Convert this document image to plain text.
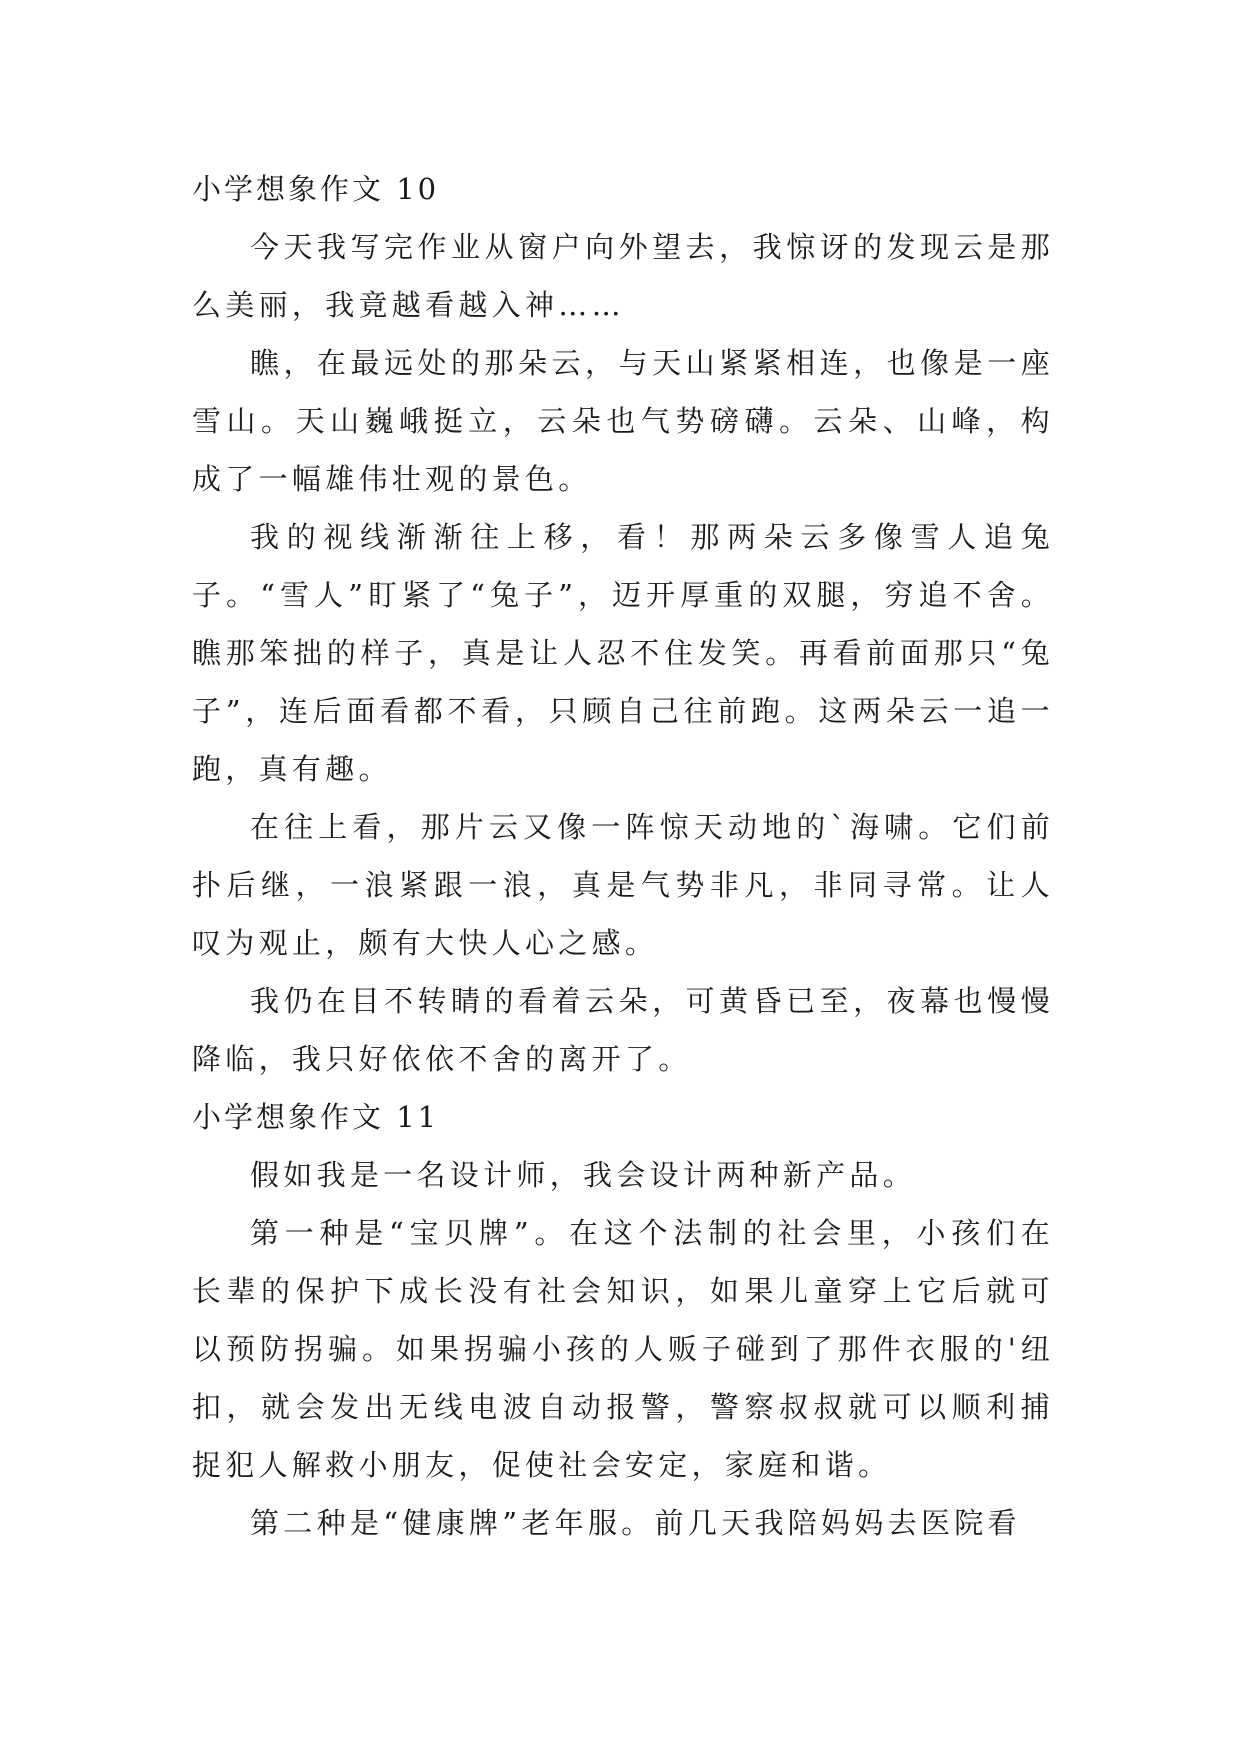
小学想象作文 10

今天我写完作业从窗户向外望去，我惊讶的发现云是那么美丽，我竟越看越入神……

瞧，在最远处的那朵云，与天山紧紧相连，也像是一座雪山。天山巍峨挺立，云朵也气势磅礴。云朵、山峰，构成了一幅雄伟壮观的景色。

我的视线渐渐往上移，看！那两朵云多像雪人追兔子。“雪人”盯紧了“兔子”，迈开厚重的双腿，穷追不舍。瞧那笨拙的样子，真是让人忍不住发笑。再看前面那只“兔子”，连后面看都不看，只顾自己往前跑。这两朵云一追一跑，真有趣。

在往上看，那片云又像一阵惊天动地的`海啸。它们前扑后继，一浪紧跟一浪，真是气势非凡，非同寻常。让人叹为观止，颇有大快人心之感。

我仍在目不转睛的看着云朵，可黄昏已至，夜幕也慢慢降临，我只好依依不舍的离开了。

小学想象作文 11

假如我是一名设计师，我会设计两种新产品。

第一种是“宝贝牌”。在这个法制的社会里，小孩们在长辈的保护下成长没有社会知识，如果儿童穿上它后就可以预防拐骗。如果拐骗小孩的人贩子碰到了那件衣服的'纽扣，就会发出无线电波自动报警，警察叔叔就可以顺利捕捉犯人解救小朋友，促使社会安定，家庭和谐。

第二种是“健康牌”老年服。前几天我陪妈妈去医院看
